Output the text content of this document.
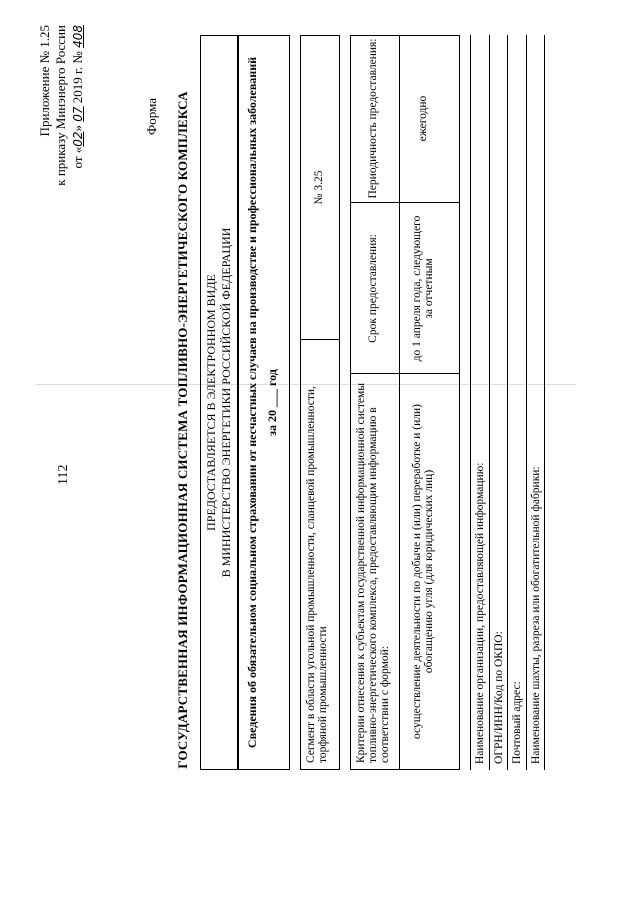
112
Приложение № 1.25 к приказу Минэнерго России от «02» 07 2019 г. № 408
Форма ГОСУДАРСТВЕННАЯ ИНФОРМАЦИОННАЯ СИСТЕМА ТОПЛИВНО-ЭНЕРГЕТИЧЕСКОГО КОМПЛЕКСА ПРЕДОСТАВЛЯЕТСЯ В ЭЛЕКТРОННОМ ВИДЕ В МИНИСТЕРСТВО ЭНЕРГЕТИКИ РОССИЙСКОЙ ФЕДЕРАЦИИ Сведения об обязательном социальном страховании от несчастных случаев на производстве и профессиональных заболеваний за 20 ___ год	Сегмент в области угольной промышленности, сланцевой промышленности, торфяной промышленности
№ 3.25
Критерии отнесения к субъектам государственной информационной системы топливно-энергетического комплекса, предоставляющим информацию в соответствии с формой:
Срок предоставления:
Периодичность предоставления:
осуществление деятельности по добыче и (или) переработке и (или) обогащению угля (для юридических лиц)
до 1 апреля года, следующего за отчетным
ежегодно
Наименование организации, предоставляющей информацию: ОГРН/ИНН/Код по ОКПО: Почтовый адрес: Наименование шахты, разреза или обогатительной фабрики:
